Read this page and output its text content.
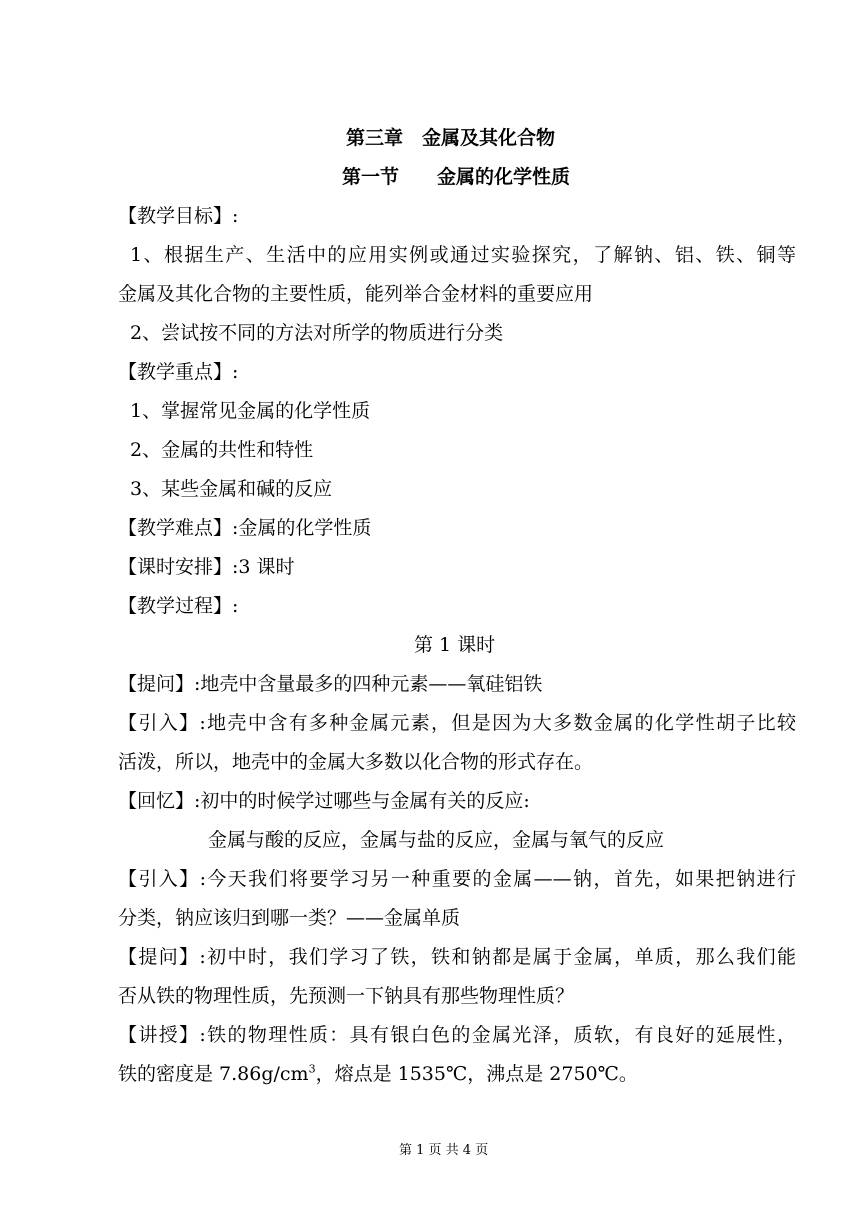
第三章　金属及其化合物
第一节　　金属的化学性质
【教学目标】:
1、根据生产、生活中的应用实例或通过实验探究，了解钠、铝、铁、铜等
金属及其化合物的主要性质，能列举合金材料的重要应用
2、尝试按不同的方法对所学的物质进行分类
【教学重点】:
1、掌握常见金属的化学性质
2、金属的共性和特性
3、某些金属和碱的反应
【教学难点】:金属的化学性质
【课时安排】:3 课时
【教学过程】:
第 1 课时
【提问】:地壳中含量最多的四种元素——氧硅铝铁
【引入】:地壳中含有多种金属元素，但是因为大多数金属的化学性胡子比较
活泼，所以，地壳中的金属大多数以化合物的形式存在。
【回忆】:初中的时候学过哪些与金属有关的反应:
金属与酸的反应，金属与盐的反应，金属与氧气的反应
【引入】:今天我们将要学习另一种重要的金属——钠，首先，如果把钠进行
分类，钠应该归到哪一类？——金属单质
【提问】:初中时，我们学习了铁，铁和钠都是属于金属，单质，那么我们能
否从铁的物理性质，先预测一下钠具有那些物理性质？
【讲授】:铁的物理性质：具有银白色的金属光泽，质软，有良好的延展性，
铁的密度是 $7.86g/cm^3$，熔点是 1535℃，沸点是 2750℃。
第 1 页 共 4 页
